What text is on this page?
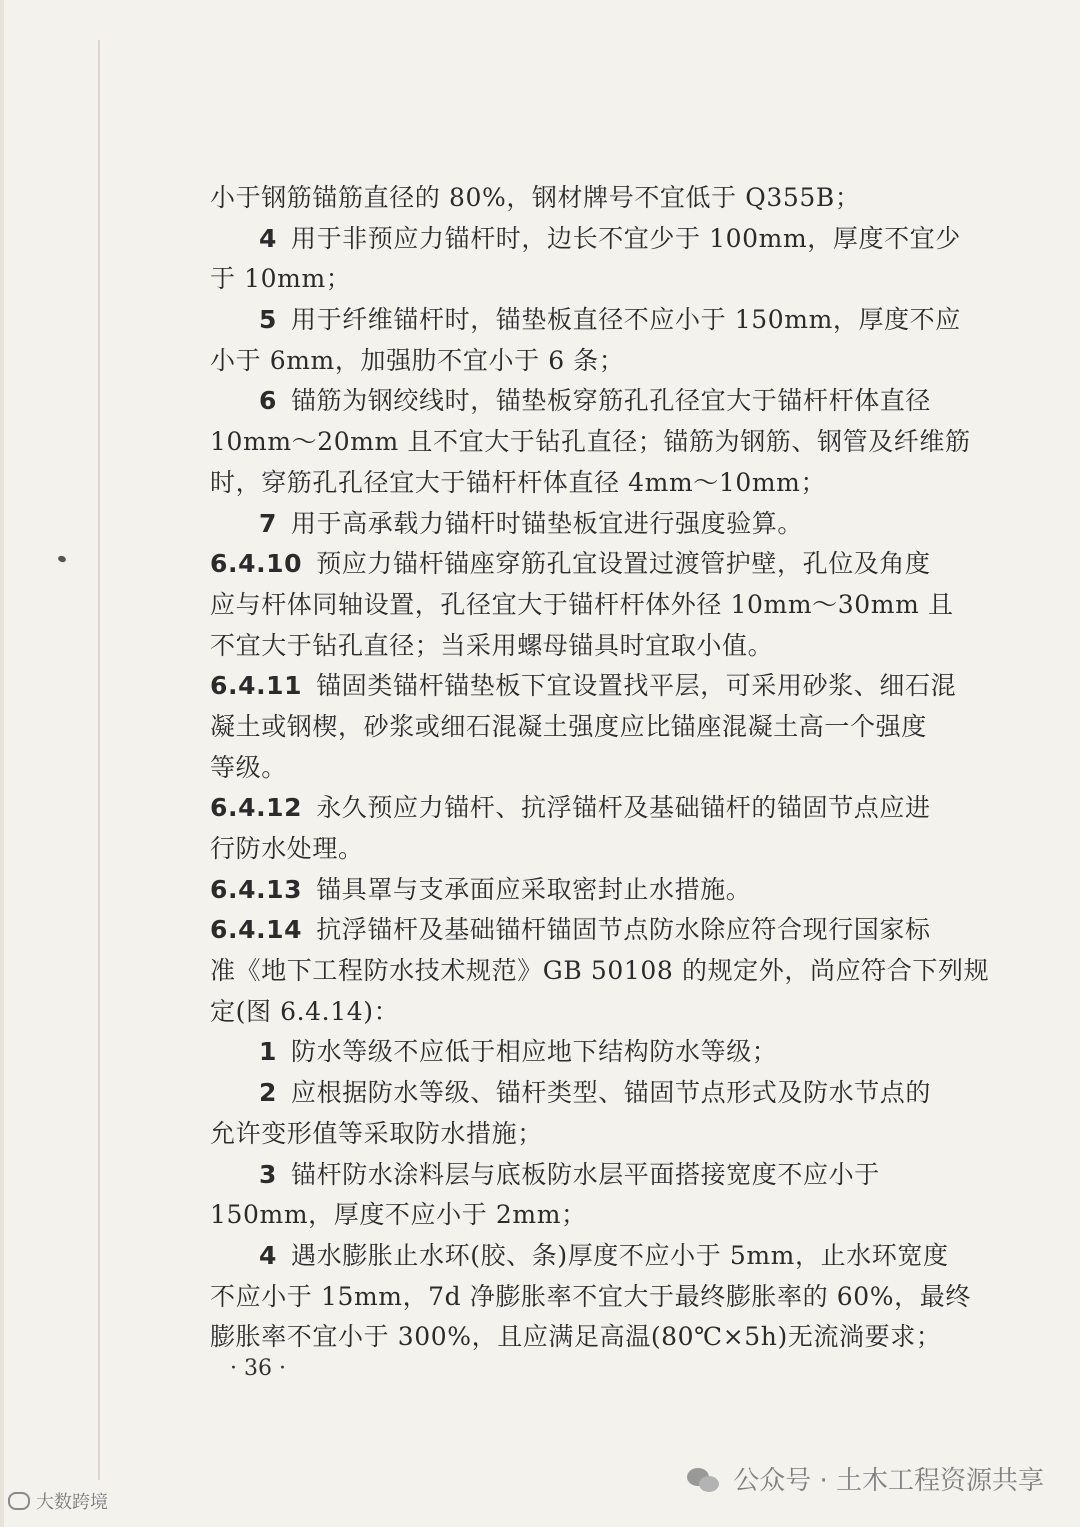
小于钢筋锚筋直径的 80%，钢材牌号不宜低于 Q355B；
4 用于非预应力锚杆时，边长不宜少于 100mm，厚度不宜少
于 10mm；
5 用于纤维锚杆时，锚垫板直径不应小于 150mm，厚度不应
小于 6mm，加强肋不宜小于 6 条；
6 锚筋为钢绞线时，锚垫板穿筋孔孔径宜大于锚杆杆体直径
10mm～20mm 且不宜大于钻孔直径；锚筋为钢筋、钢管及纤维筋
时，穿筋孔孔径宜大于锚杆杆体直径 4mm～10mm；
7 用于高承载力锚杆时锚垫板宜进行强度验算。
6.4.10 预应力锚杆锚座穿筋孔宜设置过渡管护壁，孔位及角度
应与杆体同轴设置，孔径宜大于锚杆杆体外径 10mm～30mm 且
不宜大于钻孔直径；当采用螺母锚具时宜取小值。
6.4.11 锚固类锚杆锚垫板下宜设置找平层，可采用砂浆、细石混
凝土或钢楔，砂浆或细石混凝土强度应比锚座混凝土高一个强度
等级。
6.4.12 永久预应力锚杆、抗浮锚杆及基础锚杆的锚固节点应进
行防水处理。
6.4.13 锚具罩与支承面应采取密封止水措施。
6.4.14 抗浮锚杆及基础锚杆锚固节点防水除应符合现行国家标
准《地下工程防水技术规范》GB 50108 的规定外，尚应符合下列规
定(图 6.4.14)：
1 防水等级不应低于相应地下结构防水等级；
2 应根据防水等级、锚杆类型、锚固节点形式及防水节点的
允许变形值等采取防水措施；
3 锚杆防水涂料层与底板防水层平面搭接宽度不应小于
150mm，厚度不应小于 2mm；
4 遇水膨胀止水环(胶、条)厚度不应小于 5mm，止水环宽度
不应小于 15mm，7d 净膨胀率不宜大于最终膨胀率的 60%，最终
膨胀率不宜小于 300%，且应满足高温(80℃×5h)无流淌要求；
· 36 ·
公众号 · 土木工程资源共享
大数跨境
